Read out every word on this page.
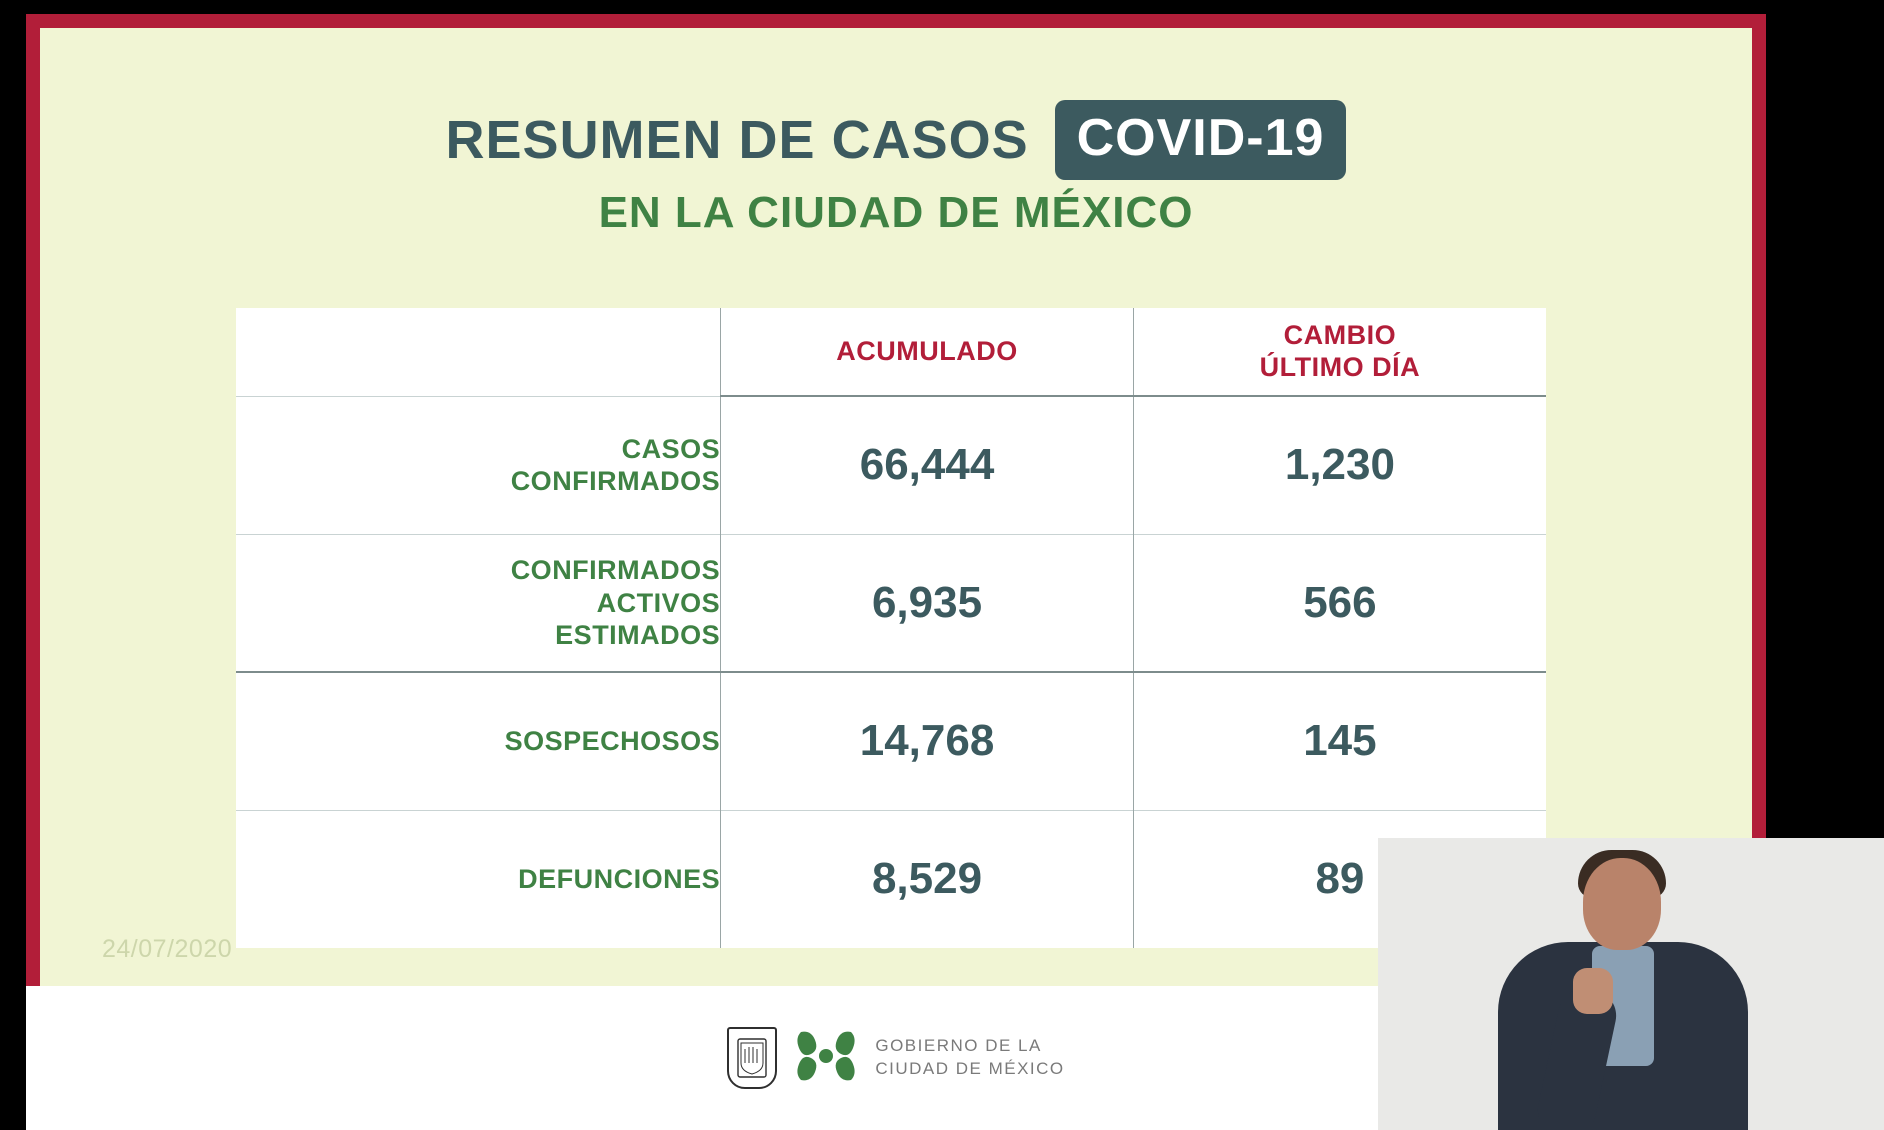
RESUMEN DE CASOS COVID-19
EN LA CIUDAD DE MÉXICO
	ACUMULADO	CAMBIO
ÚLTIMO DÍA

CASOS
CONFIRMADOS	66,444	1,230

CONFIRMADOS
ACTIVOS
ESTIMADOS	6,935	566

SOSPECHOSOS	14,768	145

DEFUNCIONES	8,529	89
24/07/2020
GOBIERNO DE LA
CIUDAD DE MÉXICO
